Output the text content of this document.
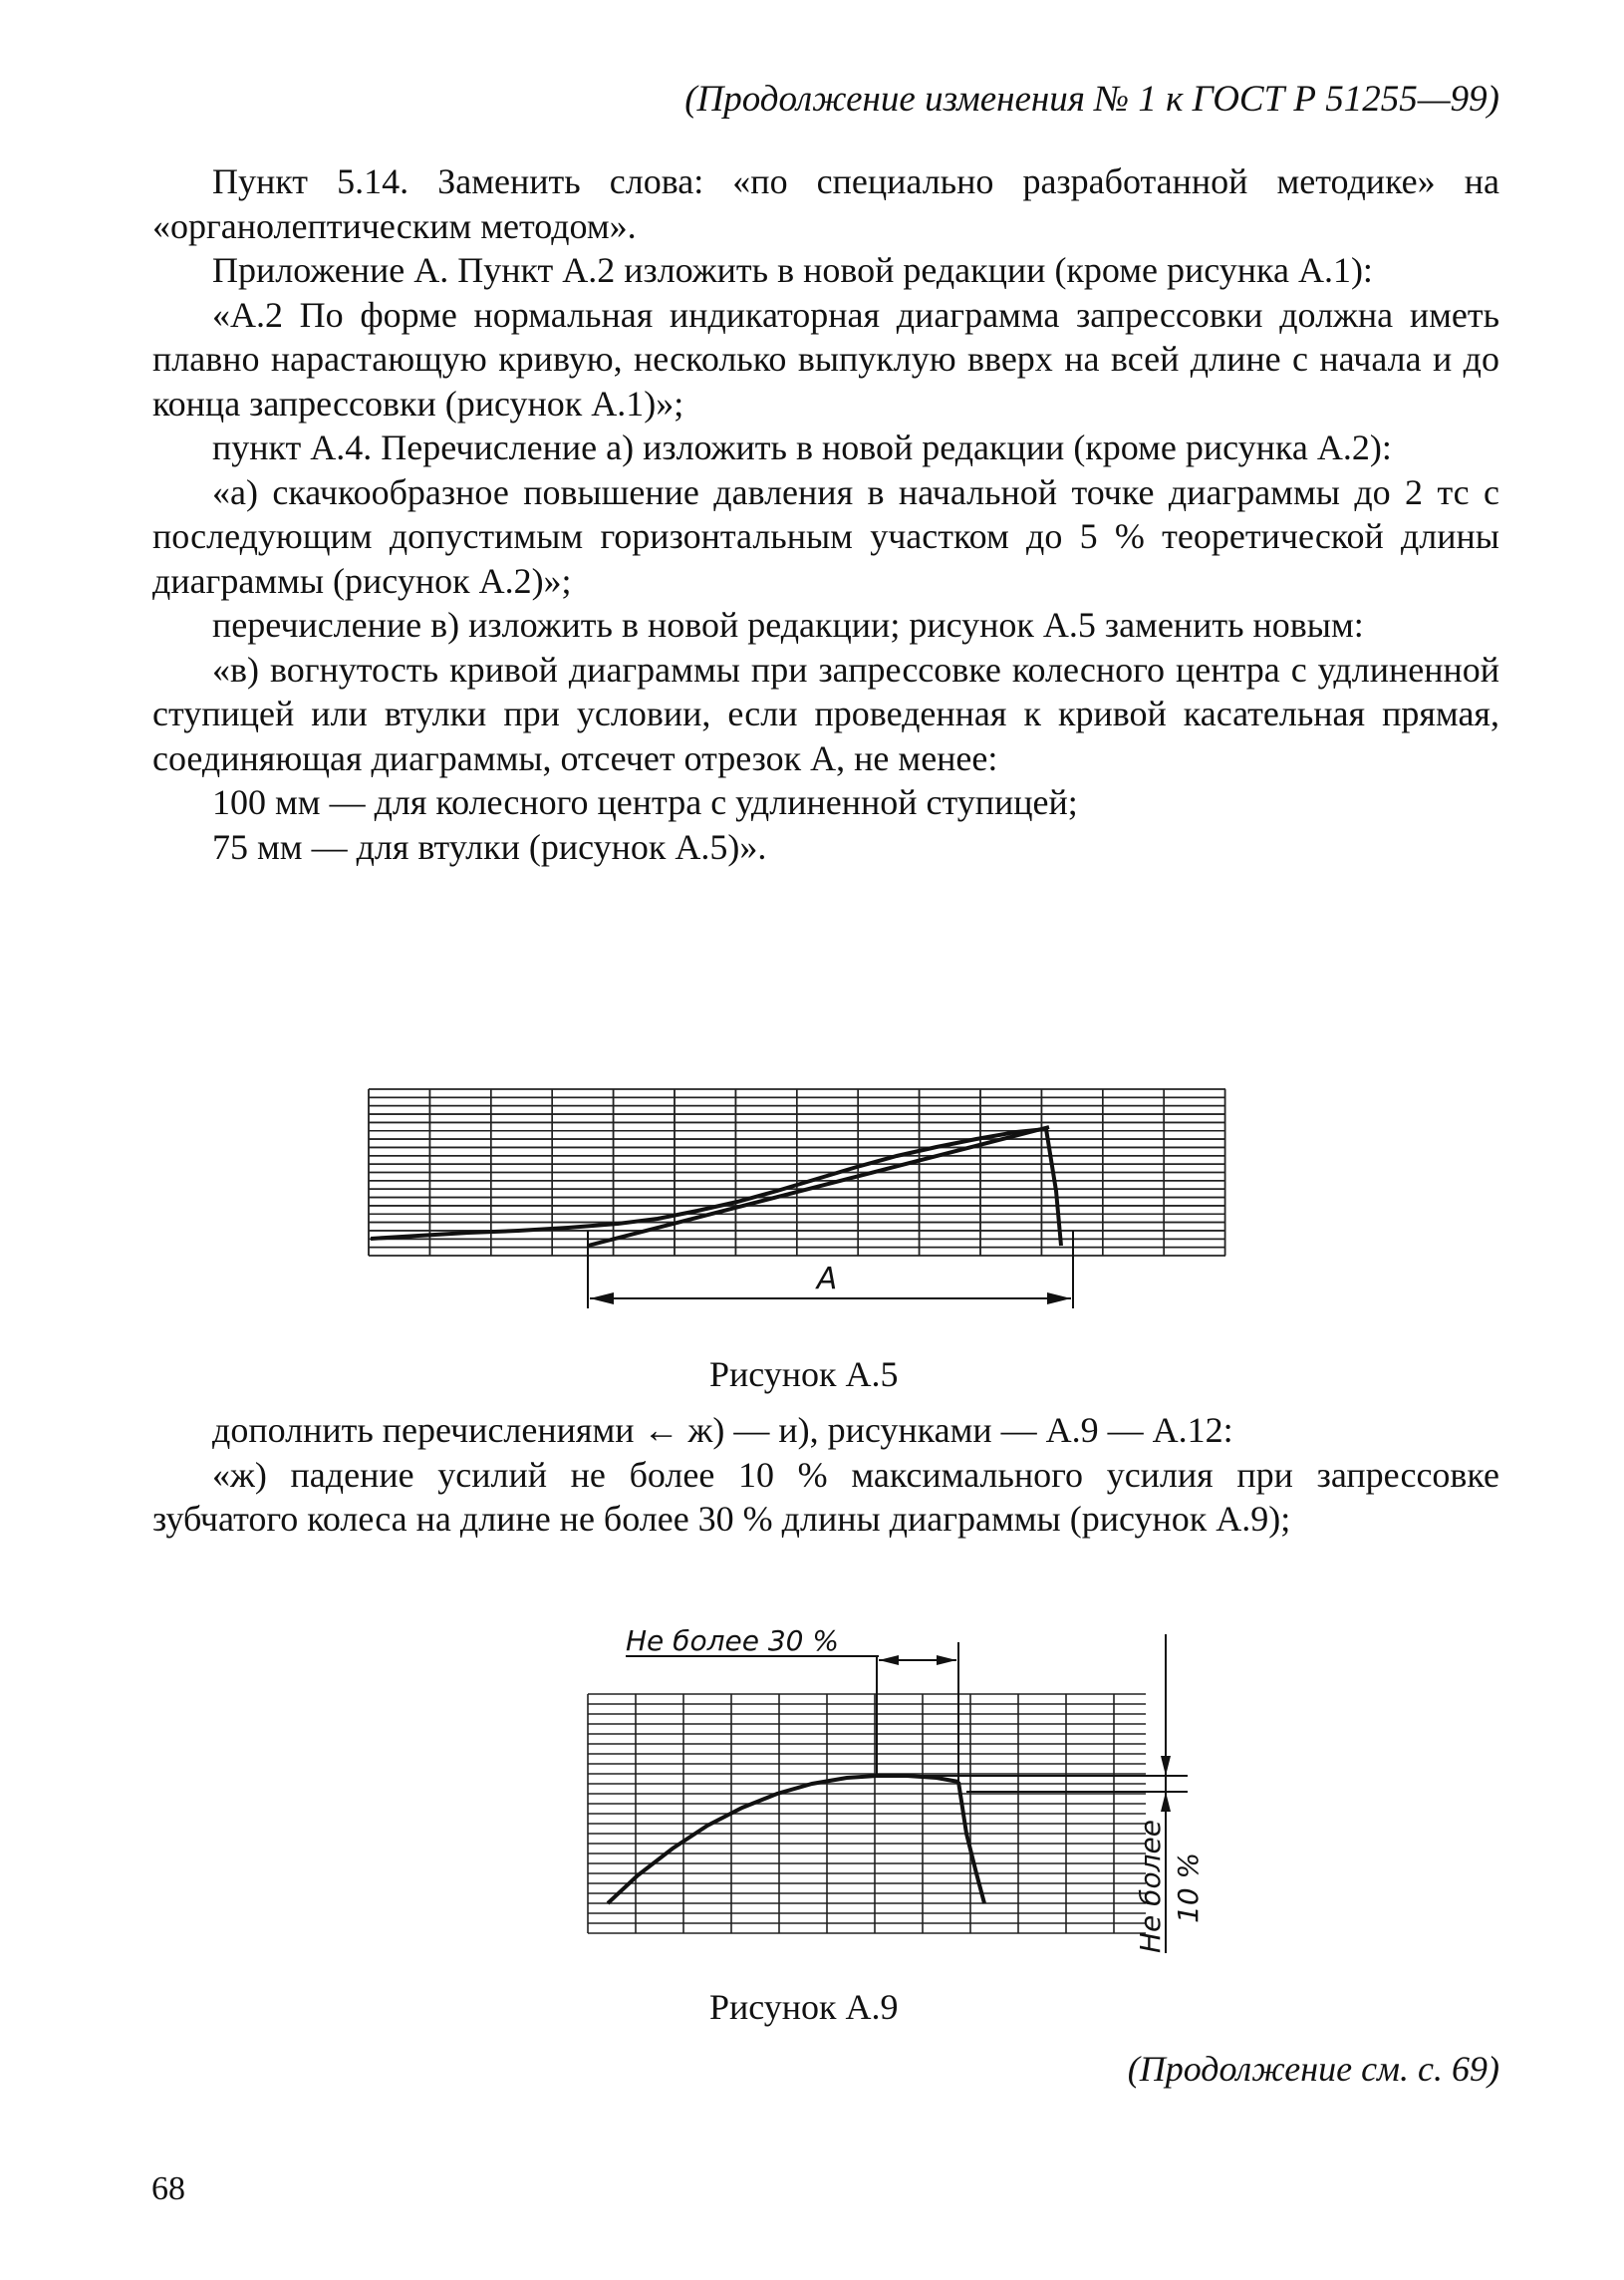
(Продолжение изменения № 1 к ГОСТ Р 51255—99)

Пункт 5.14. Заменить слова: «по специально разработанной методике» на «органолептическим методом».

Приложение А. Пункт А.2 изложить в новой редакции (кроме рисунка А.1):

«А.2 По форме нормальная индикаторная диаграмма запрессовки должна иметь плавно нарастающую кривую, несколько выпуклую вверх на всей длине с начала и до конца запрессовки (рисунок А.1)»;

пункт А.4. Перечисление а) изложить в новой редакции (кроме рисунка А.2):

«а) скачкообразное повышение давления в начальной точке диаграммы до 2 тс с последующим допустимым горизонтальным участком до 5 % теоретической длины диаграммы (рисунок А.2)»;

перечисление в) изложить в новой редакции; рисунок А.5 заменить новым:

«в) вогнутость кривой диаграммы при запрессовке колесного центра с удлиненной ступицей или втулки при условии, если проведенная к кривой касательная прямая, соединяющая диаграммы, отсечет отрезок А, не менее:

100 мм — для колесного центра с удлиненной ступицей;

75 мм — для втулки (рисунок А.5)».

А
Рисунок А.5

дополнить перечислениями ← ж) — и), рисунками — А.9 — А.12:

«ж) падение усилий не более 10 % максимального усилия при запрессовке зубчатого колеса на длине не более 30 % длины диаграммы (рисунок А.9);

Не более 30 %
Не более 10 %
Рисунок А.9
(Продолжение см. с. 69)
68
